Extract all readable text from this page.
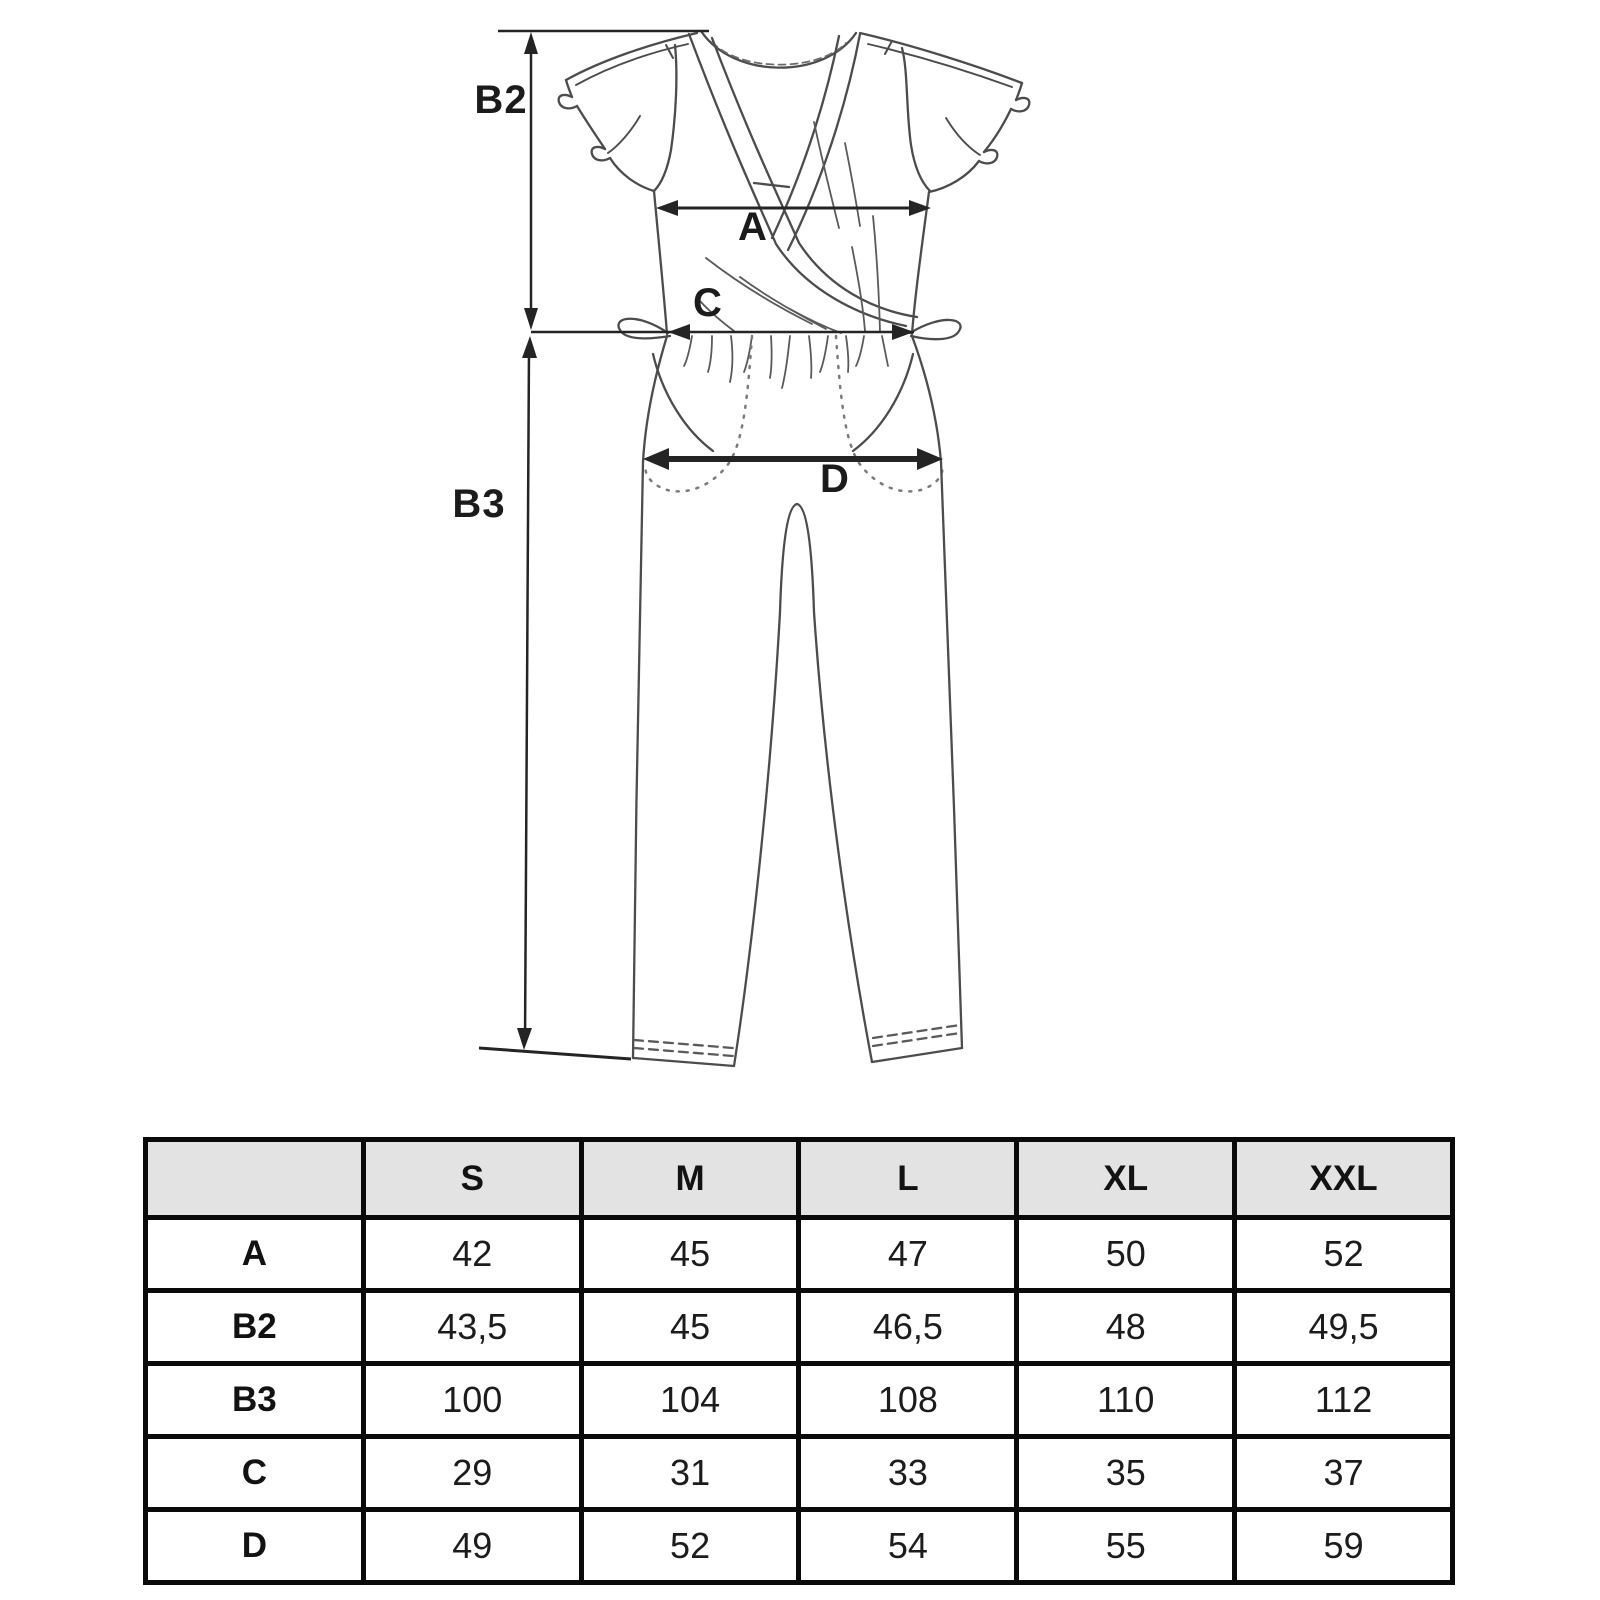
B2
A
C
B3
D
	S	M	L	XL	XXL
A	42	45	47	50	52
B2	43,5	45	46,5	48	49,5
B3	100	104	108	110	112
C	29	31	33	35	37
D	49	52	54	55	59
